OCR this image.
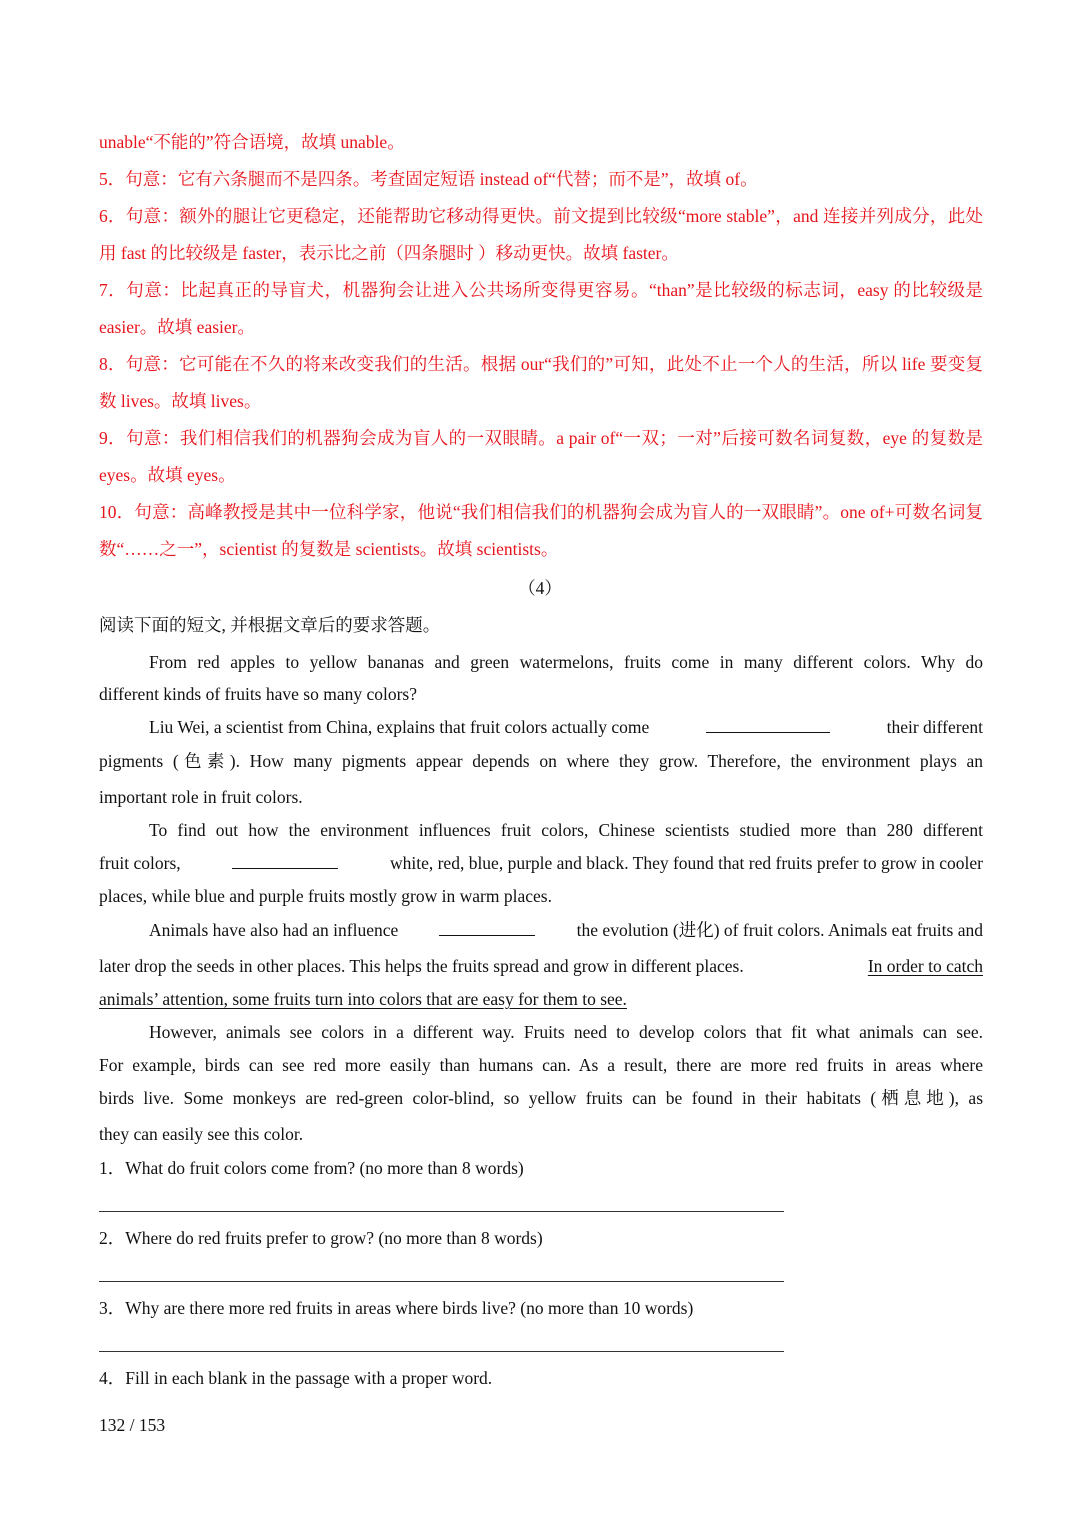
unable“不能的”符合语境，故填 unable。
5．句意：它有六条腿而不是四条。考查固定短语 instead of“代替；而不是”，故填 of。
6．句意：额外的腿让它更稳定，还能帮助它移动得更快。前文提到比较级“more stable”，and 连接并列成分，此处用 fast 的比较级是 faster，表示比之前（四条腿时 ）移动更快。故填 faster。
7．句意：比起真正的导盲犬，机器狗会让进入公共场所变得更容易。“than”是比较级的标志词，easy 的比较级是 easier。故填 easier。
8．句意：它可能在不久的将来改变我们的生活。根据 our“我们的”可知，此处不止一个人的生活，所以 life 要变复数 lives。故填 lives。
9．句意：我们相信我们的机器狗会成为盲人的一双眼睛。a pair of“一双；一对”后接可数名词复数，eye 的复数是 eyes。故填 eyes。
10．句意：高峰教授是其中一位科学家，他说“我们相信我们的机器狗会成为盲人的一双眼睛”。one of+可数名词复数“……之一”，scientist 的复数是 scientists。故填 scientists。
（4）
阅读下面的短文, 并根据文章后的要求答题。
From red apples to yellow bananas and green watermelons, fruits come in many different colors. Why do
different kinds of fruits have so many colors?
Liu Wei, a scientist from China, explains that fruit colors actually come	their different
pigments (色素). How many pigments appear depends on where they grow. Therefore, the environment plays an
important role in fruit colors.
To find out how the environment influences fruit colors, Chinese scientists studied more than 280 different
fruit colors,	white, red, blue, purple and black. They found that red fruits prefer to grow in cooler
places, while blue and purple fruits mostly grow in warm places.
Animals have also had an influence	the evolution (进化) of fruit colors. Animals eat fruits and
later drop the seeds in other places. This helps the fruits spread and grow in different places.	In order to catch
animals’ attention, some fruits turn into colors that are easy for them to see.
However, animals see colors in a different way. Fruits need to develop colors that fit what animals can see.
For example, birds can see red more easily than humans can. As a result, there are more red fruits in areas where
birds live. Some monkeys are red-green color-blind, so yellow fruits can be found in their habitats (栖息地), as
they can easily see this color.
1．What do fruit colors come from? (no more than 8 words)
2．Where do red fruits prefer to grow? (no more than 8 words)
3．Why are there more red fruits in areas where birds live? (no more than 10 words)
4．Fill in each blank in the passage with a proper word.
132 / 153
